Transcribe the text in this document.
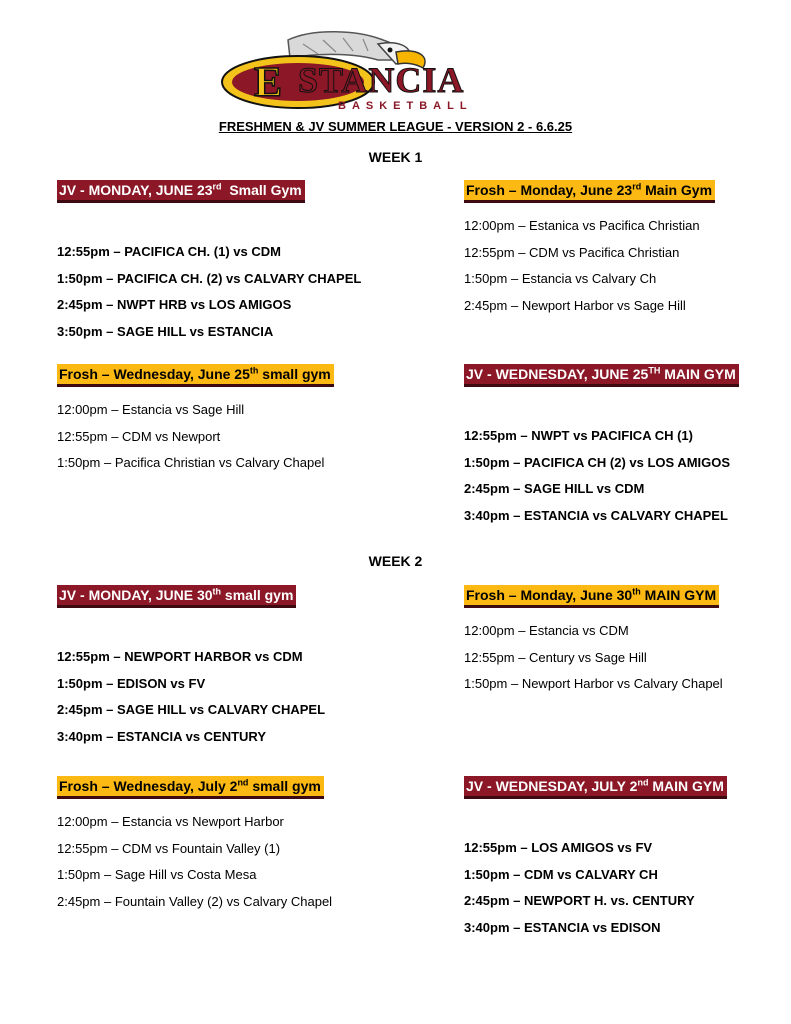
E STANCIA
BASKETBALL
FRESHMEN & JV SUMMER LEAGUE - VERSION 2 - 6.6.25
WEEK 1
JV - MONDAY, JUNE 23rd  Small Gym
12:55pm – PACIFICA CH. (1) vs CDM
1:50pm – PACIFICA CH. (2) vs CALVARY CHAPEL
2:45pm – NWPT HRB vs LOS AMIGOS
3:50pm – SAGE HILL vs ESTANCIA
Frosh – Monday, June 23rd Main Gym
12:00pm – Estanica vs Pacifica Christian
12:55pm – CDM vs Pacifica Christian
1:50pm – Estancia vs Calvary Ch
2:45pm – Newport Harbor vs Sage Hill
Frosh – Wednesday, June 25th small gym
12:00pm – Estancia vs Sage Hill
12:55pm – CDM vs Newport
1:50pm – Pacifica Christian vs Calvary Chapel
JV - WEDNESDAY, JUNE 25TH MAIN GYM
12:55pm – NWPT vs PACIFICA CH (1)
1:50pm – PACIFICA CH (2) vs LOS AMIGOS
2:45pm – SAGE HILL vs CDM
3:40pm – ESTANCIA vs CALVARY CHAPEL
WEEK 2
JV - MONDAY, JUNE 30th small gym
12:55pm – NEWPORT HARBOR vs CDM
1:50pm – EDISON vs FV
2:45pm – SAGE HILL vs CALVARY CHAPEL
3:40pm – ESTANCIA vs CENTURY
Frosh – Monday, June 30th MAIN GYM
12:00pm – Estancia vs CDM
12:55pm – Century vs Sage Hill
1:50pm – Newport Harbor vs Calvary Chapel
Frosh – Wednesday, July 2nd small gym
12:00pm – Estancia vs Newport Harbor
12:55pm – CDM vs Fountain Valley (1)
1:50pm – Sage Hill vs Costa Mesa
2:45pm – Fountain Valley (2) vs Calvary Chapel
JV - WEDNESDAY, JULY 2nd MAIN GYM
12:55pm – LOS AMIGOS vs FV
1:50pm – CDM vs CALVARY CH
2:45pm – NEWPORT H. vs. CENTURY
3:40pm – ESTANCIA vs EDISON
